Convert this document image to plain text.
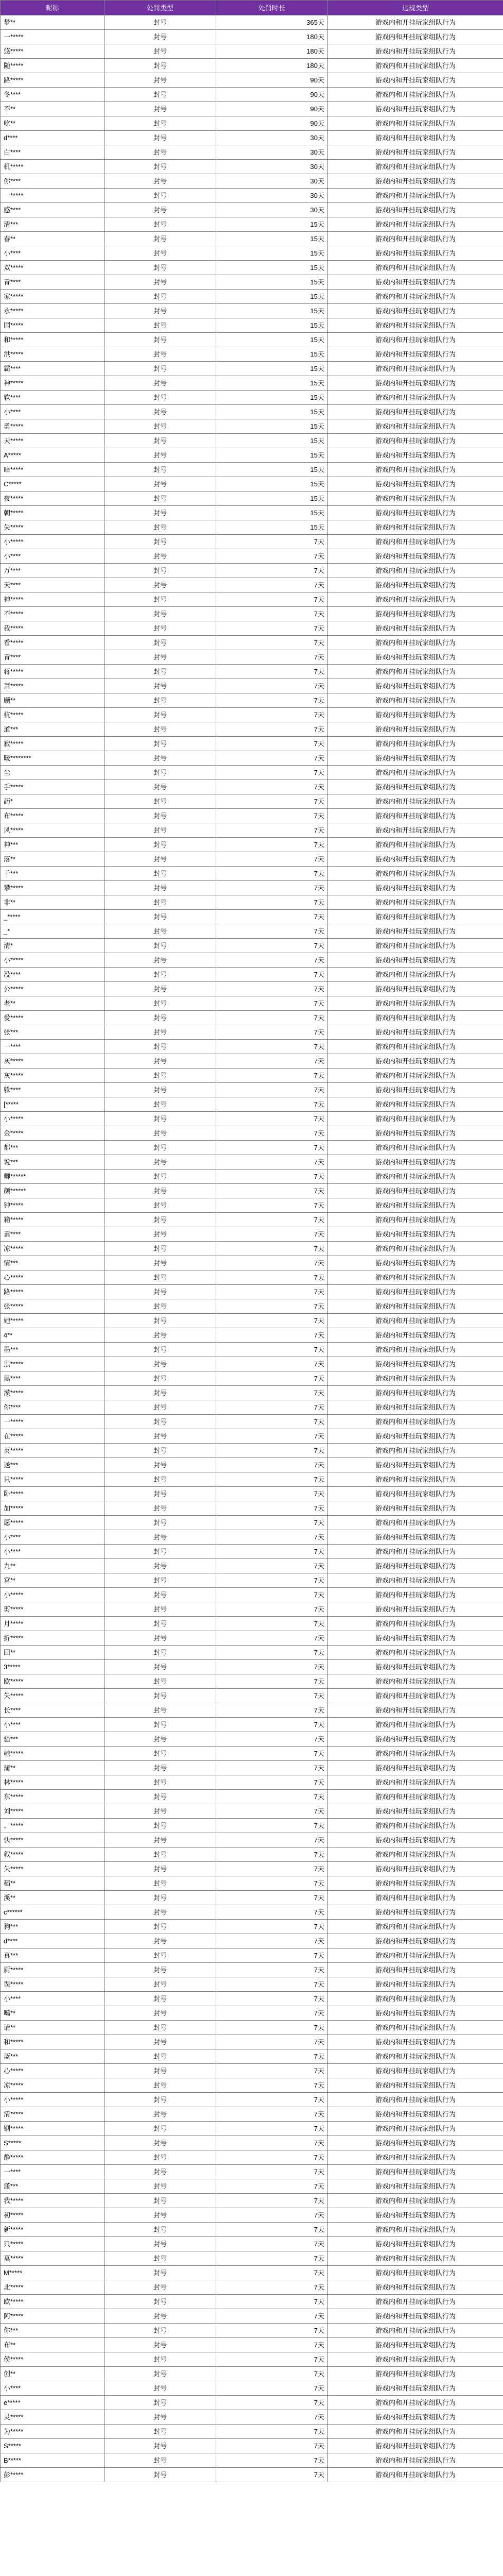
昵称	处罚类型	处罚时长	违规类型
梦**	封号	365天	游戏内和开挂玩家组队行为
一*****	封号	180天	游戏内和开挂玩家组队行为
悠*****	封号	180天	游戏内和开挂玩家组队行为
随*****	封号	180天	游戏内和开挂玩家组队行为
路*****	封号	90天	游戏内和开挂玩家组队行为
冬****	封号	90天	游戏内和开挂玩家组队行为
不**	封号	90天	游戏内和开挂玩家组队行为
吃**	封号	90天	游戏内和开挂玩家组队行为
d****	封号	30天	游戏内和开挂玩家组队行为
白****	封号	30天	游戏内和开挂玩家组队行为
机*****	封号	30天	游戏内和开挂玩家组队行为
你****	封号	30天	游戏内和开挂玩家组队行为
一*****	封号	30天	游戏内和开挂玩家组队行为
感****	封号	30天	游戏内和开挂玩家组队行为
清***	封号	15天	游戏内和开挂玩家组队行为
春**	封号	15天	游戏内和开挂玩家组队行为
小****	封号	15天	游戏内和开挂玩家组队行为
双*****	封号	15天	游戏内和开挂玩家组队行为
青****	封号	15天	游戏内和开挂玩家组队行为
家*****	封号	15天	游戏内和开挂玩家组队行为
永*****	封号	15天	游戏内和开挂玩家组队行为
国*****	封号	15天	游戏内和开挂玩家组队行为
和*****	封号	15天	游戏内和开挂玩家组队行为
洪*****	封号	15天	游戏内和开挂玩家组队行为
霸****	封号	15天	游戏内和开挂玩家组队行为
神*****	封号	15天	游戏内和开挂玩家组队行为
软****	封号	15天	游戏内和开挂玩家组队行为
小****	封号	15天	游戏内和开挂玩家组队行为
勇*****	封号	15天	游戏内和开挂玩家组队行为
天*****	封号	15天	游戏内和开挂玩家组队行为
A*****	封号	15天	游戏内和开挂玩家组队行为
暗*****	封号	15天	游戏内和开挂玩家组队行为
C*****	封号	15天	游戏内和开挂玩家组队行为
夜*****	封号	15天	游戏内和开挂玩家组队行为
朝*****	封号	15天	游戏内和开挂玩家组队行为
失*****	封号	15天	游戏内和开挂玩家组队行为
小*****	封号	7天	游戏内和开挂玩家组队行为
小****	封号	7天	游戏内和开挂玩家组队行为
万****	封号	7天	游戏内和开挂玩家组队行为
天****	封号	7天	游戏内和开挂玩家组队行为
神*****	封号	7天	游戏内和开挂玩家组队行为
不*****	封号	7天	游戏内和开挂玩家组队行为
我*****	封号	7天	游戏内和开挂玩家组队行为
看*****	封号	7天	游戏内和开挂玩家组队行为
青****	封号	7天	游戏内和开挂玩家组队行为
蒋*****	封号	7天	游戏内和开挂玩家组队行为
萧*****	封号	7天	游戏内和开挂玩家组队行为
顾**	封号	7天	游戏内和开挂玩家组队行为
杭*****	封号	7天	游戏内和开挂玩家组队行为
道***	封号	7天	游戏内和开挂玩家组队行为
寂*****	封号	7天	游戏内和开挂玩家组队行为
暖********	封号	7天	游戏内和开挂玩家组队行为
尘	封号	7天	游戏内和开挂玩家组队行为
手*****	封号	7天	游戏内和开挂玩家组队行为
药*	封号	7天	游戏内和开挂玩家组队行为
布*****	封号	7天	游戏内和开挂玩家组队行为
风*****	封号	7天	游戏内和开挂玩家组队行为
神***	封号	7天	游戏内和开挂玩家组队行为
落**	封号	7天	游戏内和开挂玩家组队行为
千***	封号	7天	游戏内和开挂玩家组队行为
攀*****	封号	7天	游戏内和开挂玩家组队行为
非**	封号	7天	游戏内和开挂玩家组队行为
_*****	封号	7天	游戏内和开挂玩家组队行为
_*	封号	7天	游戏内和开挂玩家组队行为
清*	封号	7天	游戏内和开挂玩家组队行为
小*****	封号	7天	游戏内和开挂玩家组队行为
没****	封号	7天	游戏内和开挂玩家组队行为
公*****	封号	7天	游戏内和开挂玩家组队行为
老**	封号	7天	游戏内和开挂玩家组队行为
爱*****	封号	7天	游戏内和开挂玩家组队行为
张***	封号	7天	游戏内和开挂玩家组队行为
一****	封号	7天	游戏内和开挂玩家组队行为
灰*****	封号	7天	游戏内和开挂玩家组队行为
灰*****	封号	7天	游戏内和开挂玩家组队行为
躲****	封号	7天	游戏内和开挂玩家组队行为
[*****	封号	7天	游戏内和开挂玩家组队行为
小*****	封号	7天	游戏内和开挂玩家组队行为
金*****	封号	7天	游戏内和开挂玩家组队行为
都***	封号	7天	游戏内和开挂玩家组队行为
说***	封号	7天	游戏内和开挂玩家组队行为
卿******	封号	7天	游戏内和开挂玩家组队行为
颜******	封号	7天	游戏内和开挂玩家组队行为
钟*****	封号	7天	游戏内和开挂玩家组队行为
箱*****	封号	7天	游戏内和开挂玩家组队行为
素****	封号	7天	游戏内和开挂玩家组队行为
凉*****	封号	7天	游戏内和开挂玩家组队行为
情***	封号	7天	游戏内和开挂玩家组队行为
心*****	封号	7天	游戏内和开挂玩家组队行为
路*****	封号	7天	游戏内和开挂玩家组队行为
张*****	封号	7天	游戏内和开挂玩家组队行为
她*****	封号	7天	游戏内和开挂玩家组队行为
4**	封号	7天	游戏内和开挂玩家组队行为
墨***	封号	7天	游戏内和开挂玩家组队行为
黑*****	封号	7天	游戏内和开挂玩家组队行为
黑****	封号	7天	游戏内和开挂玩家组队行为
漠*****	封号	7天	游戏内和开挂玩家组队行为
你****	封号	7天	游戏内和开挂玩家组队行为
一*****	封号	7天	游戏内和开挂玩家组队行为
在*****	封号	7天	游戏内和开挂玩家组队行为
英*****	封号	7天	游戏内和开挂玩家组队行为
送***	封号	7天	游戏内和开挂玩家组队行为
只*****	封号	7天	游戏内和开挂玩家组队行为
卧*****	封号	7天	游戏内和开挂玩家组队行为
加*****	封号	7天	游戏内和开挂玩家组队行为
愿*****	封号	7天	游戏内和开挂玩家组队行为
小****	封号	7天	游戏内和开挂玩家组队行为
小****	封号	7天	游戏内和开挂玩家组队行为
九**	封号	7天	游戏内和开挂玩家组队行为
宫**	封号	7天	游戏内和开挂玩家组队行为
小*****	封号	7天	游戏内和开挂玩家组队行为
剪*****	封号	7天	游戏内和开挂玩家组队行为
月*****	封号	7天	游戏内和开挂玩家组队行为
折*****	封号	7天	游戏内和开挂玩家组队行为
回**	封号	7天	游戏内和开挂玩家组队行为
3*****	封号	7天	游戏内和开挂玩家组队行为
欧*****	封号	7天	游戏内和开挂玩家组队行为
失*****	封号	7天	游戏内和开挂玩家组队行为
长****	封号	7天	游戏内和开挂玩家组队行为
小****	封号	7天	游戏内和开挂玩家组队行为
骚***	封号	7天	游戏内和开挂玩家组队行为
驰*****	封号	7天	游戏内和开挂玩家组队行为
蒲**	封号	7天	游戏内和开挂玩家组队行为
林*****	封号	7天	游戏内和开挂玩家组队行为
东*****	封号	7天	游戏内和开挂玩家组队行为
刘*****	封号	7天	游戏内和开挂玩家组队行为
、*****	封号	7天	游戏内和开挂玩家组队行为
快*****	封号	7天	游戏内和开挂玩家组队行为
叙*****	封号	7天	游戏内和开挂玩家组队行为
失*****	封号	7天	游戏内和开挂玩家组队行为
稻**	封号	7天	游戏内和开挂玩家组队行为
溪**	封号	7天	游戏内和开挂玩家组队行为
c******	封号	7天	游戏内和开挂玩家组队行为
狗***	封号	7天	游戏内和开挂玩家组队行为
d****	封号	7天	游戏内和开挂玩家组队行为
真***	封号	7天	游戏内和开挂玩家组队行为
厨*****	封号	7天	游戏内和开挂玩家组队行为
误*****	封号	7天	游戏内和开挂玩家组队行为
小****	封号	7天	游戏内和开挂玩家组队行为
噶**	封号	7天	游戏内和开挂玩家组队行为
请**	封号	7天	游戏内和开挂玩家组队行为
和*****	封号	7天	游戏内和开挂玩家组队行为
蓝***	封号	7天	游戏内和开挂玩家组队行为
心*****	封号	7天	游戏内和开挂玩家组队行为
凉*****	封号	7天	游戏内和开挂玩家组队行为
小*****	封号	7天	游戏内和开挂玩家组队行为
清*****	封号	7天	游戏内和开挂玩家组队行为
钢*****	封号	7天	游戏内和开挂玩家组队行为
S*****	封号	7天	游戏内和开挂玩家组队行为
静*****	封号	7天	游戏内和开挂玩家组队行为
一****	封号	7天	游戏内和开挂玩家组队行为
潇***	封号	7天	游戏内和开挂玩家组队行为
我*****	封号	7天	游戏内和开挂玩家组队行为
初*****	封号	7天	游戏内和开挂玩家组队行为
新*****	封号	7天	游戏内和开挂玩家组队行为
只*****	封号	7天	游戏内和开挂玩家组队行为
莫*****	封号	7天	游戏内和开挂玩家组队行为
M*****	封号	7天	游戏内和开挂玩家组队行为
北*****	封号	7天	游戏内和开挂玩家组队行为
欧*****	封号	7天	游戏内和开挂玩家组队行为
阿*****	封号	7天	游戏内和开挂玩家组队行为
你***	封号	7天	游戏内和开挂玩家组队行为
布**	封号	7天	游戏内和开挂玩家组队行为
侯*****	封号	7天	游戏内和开挂玩家组队行为
创**	封号	7天	游戏内和开挂玩家组队行为
小****	封号	7天	游戏内和开挂玩家组队行为
e*****	封号	7天	游戏内和开挂玩家组队行为
灵*****	封号	7天	游戏内和开挂玩家组队行为
为*****	封号	7天	游戏内和开挂玩家组队行为
S*****	封号	7天	游戏内和开挂玩家组队行为
B*****	封号	7天	游戏内和开挂玩家组队行为
彭*****	封号	7天	游戏内和开挂玩家组队行为
